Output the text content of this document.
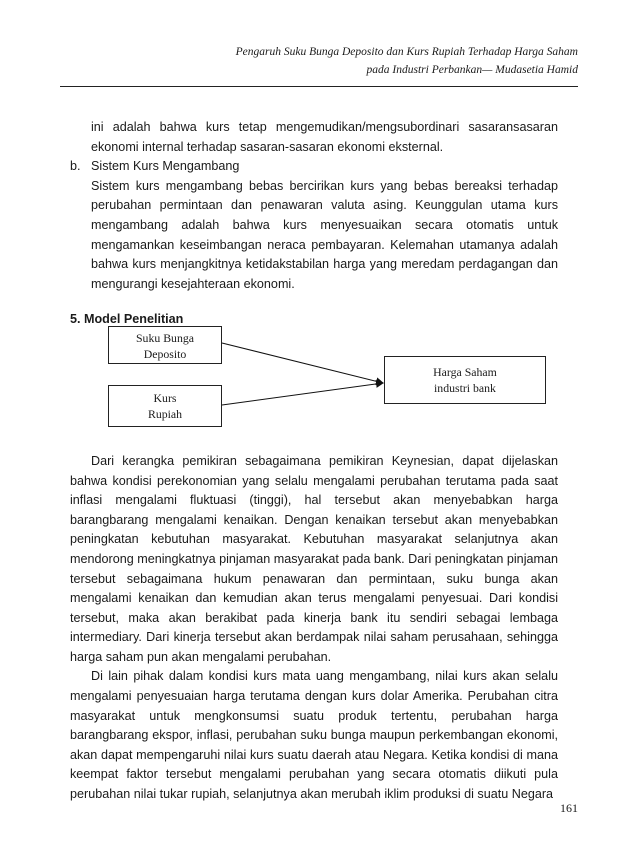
Pengaruh Suku Bunga Deposito dan Kurs Rupiah Terhadap Harga Saham
pada Industri Perbankan— Mudasetia Hamid

ini adalah bahwa kurs tetap mengemudikan/mengsubordinari sasaransasaran ekonomi internal terhadap sasaran-sasaran ekonomi eksternal.

b. Sistem Kurs Mengambang

Sistem kurs mengambang bebas bercirikan kurs yang bebas bereaksi terhadap perubahan permintaan dan penawaran valuta asing. Keunggulan utama kurs mengambang adalah bahwa kurs menyesuaikan secara otomatis untuk mengamankan keseimbangan neraca pembayaran. Kelemahan utamanya adalah bahwa kurs menjangkitnya ketidakstabilan harga yang meredam perdagangan dan mengurangi kesejahteraan ekonomi.

5. Model Penelitian

Suku Bunga
Deposito
Kurs
Rupiah
Harga Saham
industri bank

Dari kerangka pemikiran sebagaimana pemikiran Keynesian, dapat dijelaskan bahwa kondisi perekonomian yang selalu mengalami perubahan terutama pada saat inflasi mengalami fluktuasi (tinggi), hal tersebut akan menyebabkan harga barangbarang mengalami kenaikan. Dengan kenaikan tersebut akan menyebabkan peningkatan kebutuhan masyarakat. Kebutuhan masyarakat selanjutnya akan mendorong meningkatnya pinjaman masyarakat pada bank. Dari peningkatan pinjaman tersebut sebagaimana hukum penawaran dan permintaan, suku bunga akan mengalami kenaikan dan kemudian akan terus mengalami penyesuai. Dari kondisi tersebut, maka akan berakibat pada kinerja bank itu sendiri sebagai lembaga intermediary. Dari kinerja tersebut akan berdampak nilai saham perusahaan, sehingga harga saham pun akan mengalami perubahan.

Di lain pihak dalam kondisi kurs mata uang mengambang, nilai kurs akan selalu mengalami penyesuaian harga terutama dengan kurs dolar Amerika. Perubahan citra masyarakat untuk mengkonsumsi suatu produk tertentu, perubahan harga barangbarang ekspor, inflasi, perubahan suku bunga maupun perkembangan ekonomi, akan dapat mempengaruhi nilai kurs suatu daerah atau Negara. Ketika kondisi di mana keempat faktor tersebut mengalami perubahan yang secara otomatis diikuti pula perubahan nilai tukar rupiah, selanjutnya akan merubah iklim produksi di suatu Negara

161
